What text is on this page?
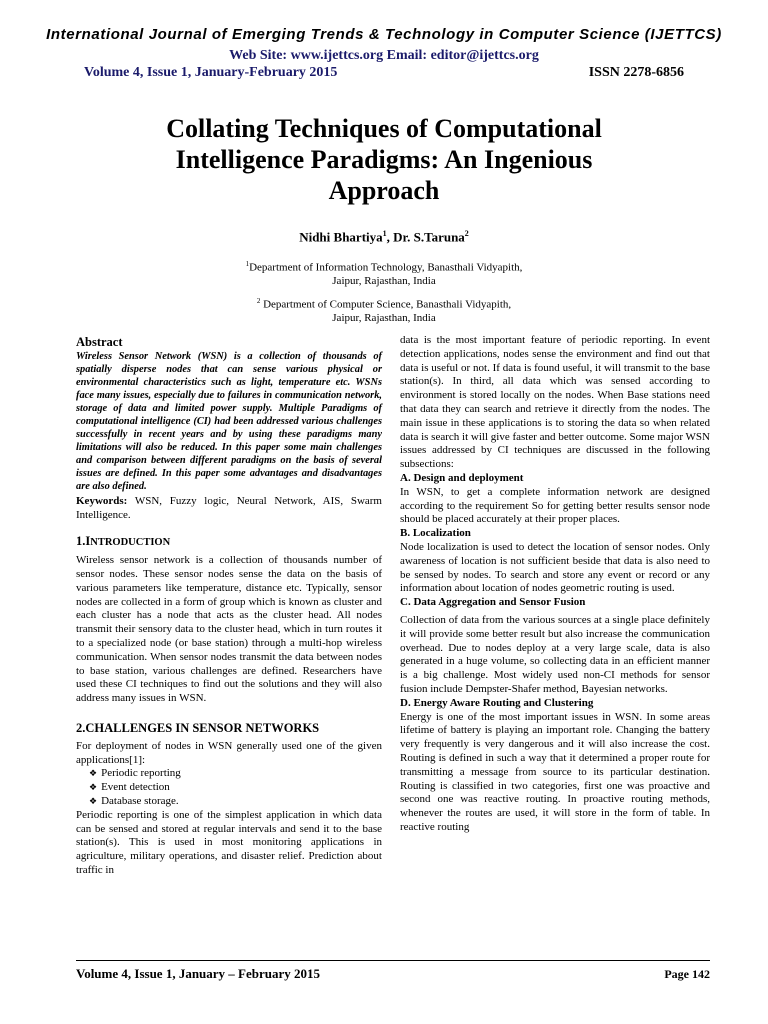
International Journal of Emerging Trends & Technology in Computer Science (IJETTCS)
Web Site: www.ijettcs.org Email: editor@ijettcs.org
Volume 4, Issue 1, January-February 2015	ISSN 2278-6856
Collating Techniques of Computational
Intelligence Paradigms: An Ingenious
Approach
Nidhi Bhartiya$^1$, Dr. S.Taruna$^2$
$^1$Department of Information Technology, Banasthali Vidyapith,
Jaipur, Rajasthan, India
$^2$ Department of Computer Science, Banasthali Vidyapith,
Jaipur, Rajasthan, India

Abstract

Wireless Sensor Network (WSN) is a collection of thousands of spatially disperse nodes that can sense various physical or environmental characteristics such as light, temperature etc. WSNs face many issues, especially due to failures in communication network, storage of data and limited power supply. Multiple Paradigms of computational intelligence (CI) had been addressed various challenges successfully in recent years and by using these paradigms many limitations will also be reduced. In this paper some main challenges and comparison between different paradigms on the basis of several issues are defined. In this paper some advantages and disadvantages are also defined.

Keywords: WSN, Fuzzy logic, Neural Network, AIS, Swarm Intelligence.

1.INTRODUCTION

Wireless sensor network is a collection of thousands number of sensor nodes. These sensor nodes sense the data on the basis of various parameters like temperature, distance etc. Typically, sensor nodes are collected in a form of group which is known as cluster and each cluster has a node that acts as the cluster head. All nodes transmit their sensory data to the cluster head, which in turn routes it to a specialized node (or base station) through a multi-hop wireless communication. When sensor nodes transmit the data between nodes to base station, various challenges are defined. Researchers have used these CI techniques to find out the solutions and they will also address many issues in WSN.

2.CHALLENGES IN SENSOR NETWORKS

For deployment of nodes in WSN generally used one of the given applications[1]:

❖ Periodic reporting
❖ Event detection
❖ Database storage.

Periodic reporting is one of the simplest application in which data can be sensed and stored at regular intervals and send it to the base station(s). This is used in most monitoring applications in agriculture, military operations, and disaster relief. Prediction about traffic in

data is the most important feature of periodic reporting. In event detection applications, nodes sense the environment and find out that data is useful or not. If data is found useful, it will transmit to the base station(s). In third, all data which was sensed according to environment is stored locally on the nodes. When Base stations need that data they can search and retrieve it directly from the nodes. The main issue in these applications is to storing the data so when related data is search it will give faster and better outcome. Some major WSN issues addressed by CI techniques are discussed in the following subsections:

A. Design and deployment

In WSN, to get a complete information network are designed according to the requirement So for getting better results sensor node should be placed accurately at their proper places.

B. Localization

Node localization is used to detect the location of sensor nodes. Only awareness of location is not sufficient beside that data is also need to be sensed by nodes. To search and store any event or record or any information about location of nodes geometric routing is used.

C. Data Aggregation and Sensor Fusion

Collection of data from the various sources at a single place definitely it will provide some better result but also increase the communication overhead. Due to nodes deploy at a very large scale, data is also generated in a huge volume, so collecting data in an efficient manner is a big challenge. Most widely used non-CI methods for sensor fusion include Dempster-Shafer method, Bayesian networks.

D. Energy Aware Routing and Clustering

Energy is one of the most important issues in WSN. In some areas lifetime of battery is playing an important role. Changing the battery very frequently is very dangerous and it will also increase the cost. Routing is defined in such a way that it determined a proper route for transmitting a message from source to its particular destination. Routing is classified in two categories, first one was proactive and second one was reactive routing. In proactive routing methods, whenever the routes are used, it will store in the form of table. In reactive routing

Volume 4, Issue 1, January – February 2015	Page 142
